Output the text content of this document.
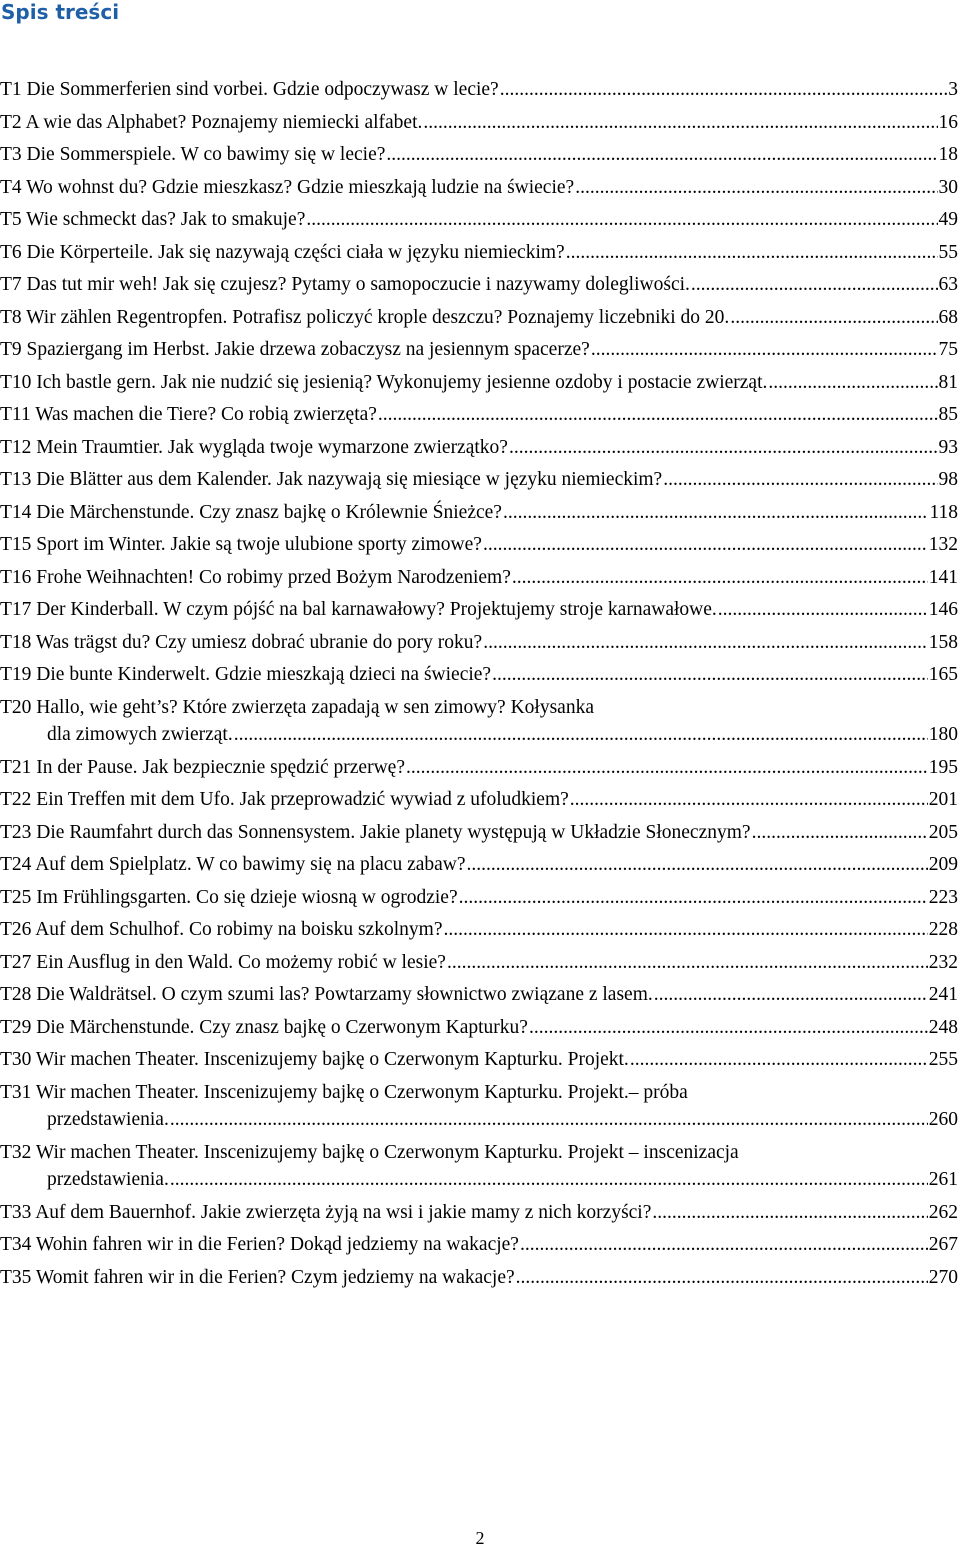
Spis treści
T1 Die Sommerferien sind vorbei. Gdzie odpoczywasz w lecie? .....	3
T2 A wie das Alphabet? Poznajemy niemiecki alfabet. .....	16
T3 Die Sommerspiele. W co bawimy się w lecie? .....	18
T4 Wo wohnst du? Gdzie mieszkasz? Gdzie mieszkają ludzie na świecie? .....	30
T5 Wie schmeckt das? Jak to smakuje? .....	49
T6 Die Körperteile. Jak się nazywają części ciała w języku niemieckim? .....	55
T7 Das tut mir weh! Jak się czujesz? Pytamy o samopoczucie i nazywamy dolegliwości. .....	63
T8 Wir zählen Regentropfen. Potrafisz policzyć krople deszczu? Poznajemy liczebniki do 20. .....	68
T9 Spaziergang im Herbst. Jakie drzewa zobaczysz na jesiennym spacerze? .....	75
T10 Ich bastle gern. Jak nie nudzić się jesienią? Wykonujemy jesienne ozdoby i postacie zwierząt. .....	81
T11 Was machen die Tiere? Co robią zwierzęta? .....	85
T12 Mein Traumtier. Jak wygląda twoje wymarzone zwierzątko? .....	93
T13 Die Blätter aus dem Kalender. Jak nazywają się miesiące w języku niemieckim? .....	98
T14 Die Märchenstunde. Czy znasz bajkę o Królewnie Śnieżce? .....	118
T15 Sport im Winter. Jakie są twoje ulubione sporty zimowe? .....	132
T16 Frohe Weihnachten! Co robimy przed Bożym Narodzeniem? .....	141
T17 Der Kinderball. W czym pójść na bal karnawałowy? Projektujemy stroje karnawałowe. .....	146
T18 Was trägst du? Czy umiesz dobrać ubranie do pory roku? .....	158
T19 Die bunte Kinderwelt. Gdzie mieszkają dzieci na świecie? .....	165
T20 Hallo, wie geht’s? Które zwierzęta zapadają w sen zimowy? Kołysanka
dla zimowych zwierząt. .....	180
T21 In der Pause. Jak bezpiecznie spędzić przerwę? .....	195
T22 Ein Treffen mit dem Ufo. Jak przeprowadzić wywiad z ufoludkiem? .....	201
T23 Die Raumfahrt durch das Sonnensystem. Jakie planety występują w Układzie Słonecznym? .....	205
T24 Auf dem Spielplatz. W co bawimy się na placu zabaw? .....	209
T25 Im Frühlingsgarten. Co się dzieje wiosną w ogrodzie? .....	223
T26 Auf dem Schulhof. Co robimy na boisku szkolnym? .....	228
T27 Ein Ausflug in den Wald. Co możemy robić w lesie? .....	232
T28 Die Waldrätsel. O czym szumi las? Powtarzamy słownictwo związane z lasem. .....	241
T29 Die Märchenstunde. Czy znasz bajkę o Czerwonym Kapturku? .....	248
T30 Wir machen Theater. Inscenizujemy bajkę o Czerwonym Kapturku. Projekt. .....	255
T31 Wir machen Theater. Inscenizujemy bajkę o Czerwonym Kapturku. Projekt.– próba
przedstawienia. .....	260
T32 Wir machen Theater. Inscenizujemy bajkę o Czerwonym Kapturku. Projekt – inscenizacja
przedstawienia. .....	261
T33 Auf dem Bauernhof. Jakie zwierzęta żyją na wsi i jakie mamy z nich korzyści? .....	262
T34 Wohin fahren wir in die Ferien? Dokąd jedziemy na wakacje? .....	267
T35 Womit fahren wir in die Ferien? Czym jedziemy na wakacje? .....	270
2
